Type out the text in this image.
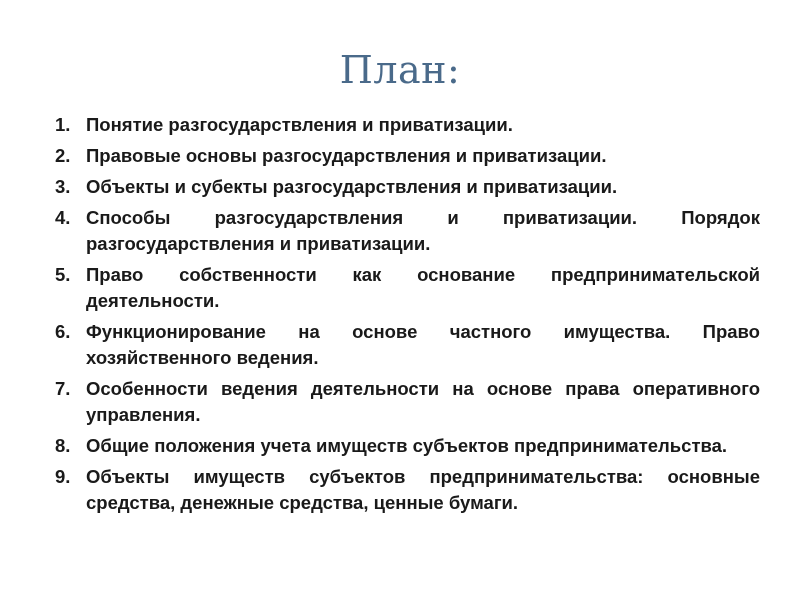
План:
1. Понятие разгосударствления и приватизации.
2. Правовые основы разгосударствления и приватизации.
3. Объекты и субекты разгосударствления и приватизации.
4. Способы разгосударствления и приватизации. Порядок разгосударствления и приватизации.
5. Право собственности как основание предпринимательской деятельности.
6. Функционирование на основе частного имущества. Право хозяйственного ведения.
7. Особенности ведения деятельности на основе права оперативного управления.
8. Общие положения учета имуществ субъектов предпринимательства.
9. Объекты имуществ субъектов предпринимательства: основные средства, денежные средства, ценные бумаги.
